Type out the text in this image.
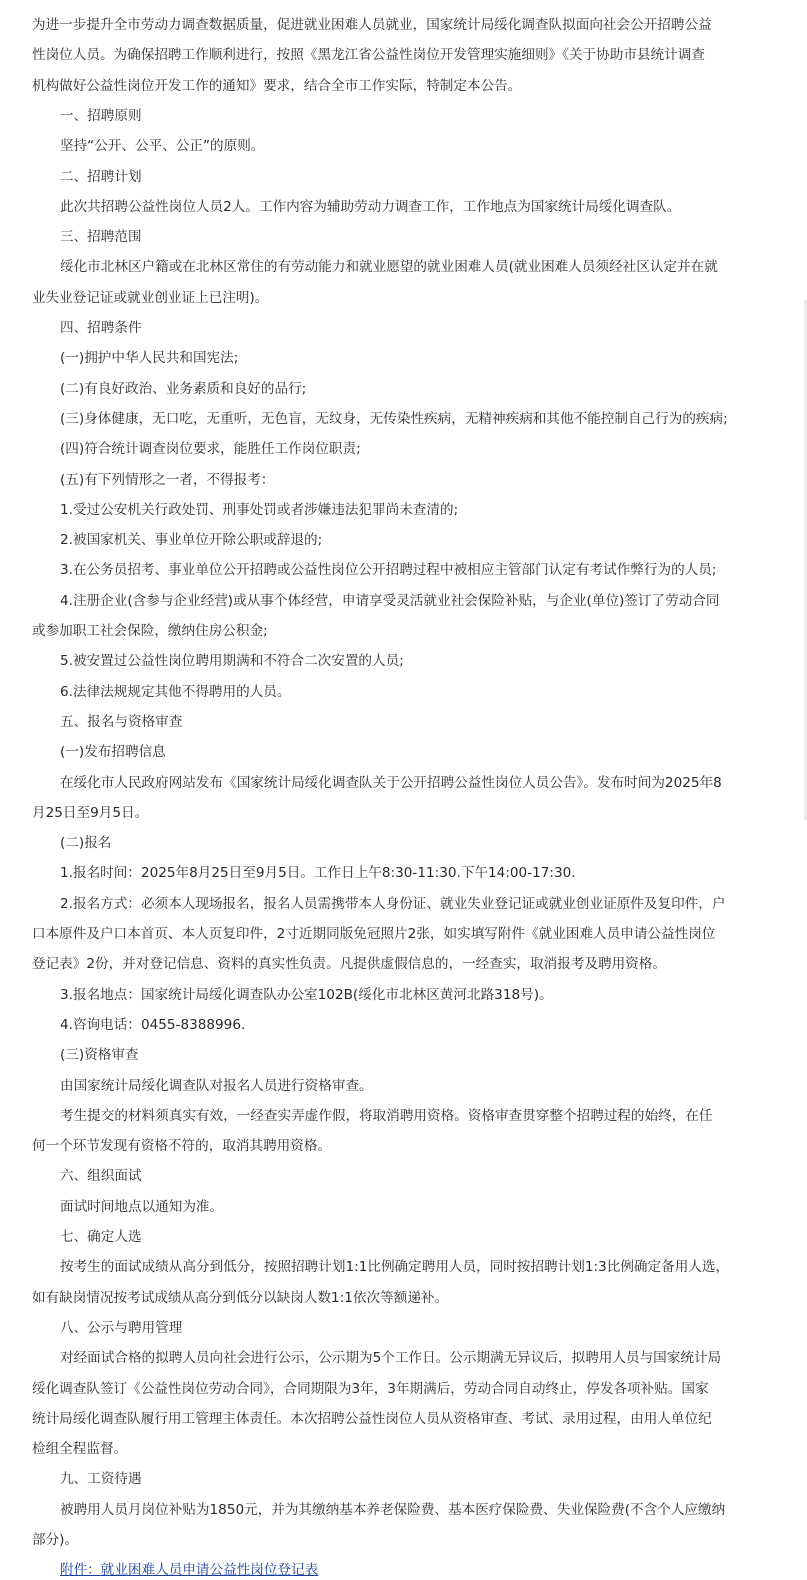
为进一步提升全市劳动力调查数据质量，促进就业困难人员就业，国家统计局绥化调查队拟面向社会公开招聘公益
性岗位人员。为确保招聘工作顺利进行，按照《黑龙江省公益性岗位开发管理实施细则》《关于协助市县统计调查
机构做好公益性岗位开发工作的通知》要求，结合全市工作实际，特制定本公告。
一、招聘原则
坚持“公开、公平、公正”的原则。
二、招聘计划
此次共招聘公益性岗位人员2人。工作内容为辅助劳动力调查工作，工作地点为国家统计局绥化调查队。
三、招聘范围
绥化市北林区户籍或在北林区常住的有劳动能力和就业愿望的就业困难人员(就业困难人员须经社区认定并在就
业失业登记证或就业创业证上已注明)。
四、招聘条件
(一)拥护中华人民共和国宪法;
(二)有良好政治、业务素质和良好的品行;
(三)身体健康，无口吃，无重听，无色盲，无纹身，无传染性疾病，无精神疾病和其他不能控制自己行为的疾病;
(四)符合统计调查岗位要求，能胜任工作岗位职责;
(五)有下列情形之一者，不得报考：
1.受过公安机关行政处罚、刑事处罚或者涉嫌违法犯罪尚未查清的;
2.被国家机关、事业单位开除公职或辞退的;
3.在公务员招考、事业单位公开招聘或公益性岗位公开招聘过程中被相应主管部门认定有考试作弊行为的人员;
4.注册企业(含参与企业经营)或从事个体经营，申请享受灵活就业社会保险补贴，与企业(单位)签订了劳动合同
或参加职工社会保险，缴纳住房公积金;
5.被安置过公益性岗位聘用期满和不符合二次安置的人员;
6.法律法规规定其他不得聘用的人员。
五、报名与资格审查
(一)发布招聘信息
在绥化市人民政府网站发布《国家统计局绥化调查队关于公开招聘公益性岗位人员公告》。发布时间为2025年8
月25日至9月5日。
(二)报名
1.报名时间：2025年8月25日至9月5日。工作日上午8:30-11:30.下午14:00-17:30.
2.报名方式：必须本人现场报名，报名人员需携带本人身份证、就业失业登记证或就业创业证原件及复印件，户
口本原件及户口本首页、本人页复印件，2寸近期同版免冠照片2张，如实填写附件《就业困难人员申请公益性岗位
登记表》2份，并对登记信息、资料的真实性负责。凡提供虚假信息的，一经查实，取消报考及聘用资格。
3.报名地点：国家统计局绥化调查队办公室102B(绥化市北林区黄河北路318号)。
4.咨询电话：0455-8388996.
(三)资格审查
由国家统计局绥化调查队对报名人员进行资格审查。
考生提交的材料须真实有效，一经查实弄虚作假，将取消聘用资格。资格审查贯穿整个招聘过程的始终，在任
何一个环节发现有资格不符的，取消其聘用资格。
六、组织面试
面试时间地点以通知为准。
七、确定人选
按考生的面试成绩从高分到低分，按照招聘计划1:1比例确定聘用人员，同时按招聘计划1:3比例确定备用人选，
如有缺岗情况按考试成绩从高分到低分以缺岗人数1:1依次等额递补。
八、公示与聘用管理
对经面试合格的拟聘人员向社会进行公示，公示期为5个工作日。公示期满无异议后，拟聘用人员与国家统计局
绥化调查队签订《公益性岗位劳动合同》，合同期限为3年，3年期满后，劳动合同自动终止，停发各项补贴。国家
统计局绥化调查队履行用工管理主体责任。本次招聘公益性岗位人员从资格审查、考试、录用过程，由用人单位纪
检组全程监督。
九、工资待遇
被聘用人员月岗位补贴为1850元，并为其缴纳基本养老保险费、基本医疗保险费、失业保险费(不含个人应缴纳
部分)。
附件：就业困难人员申请公益性岗位登记表
